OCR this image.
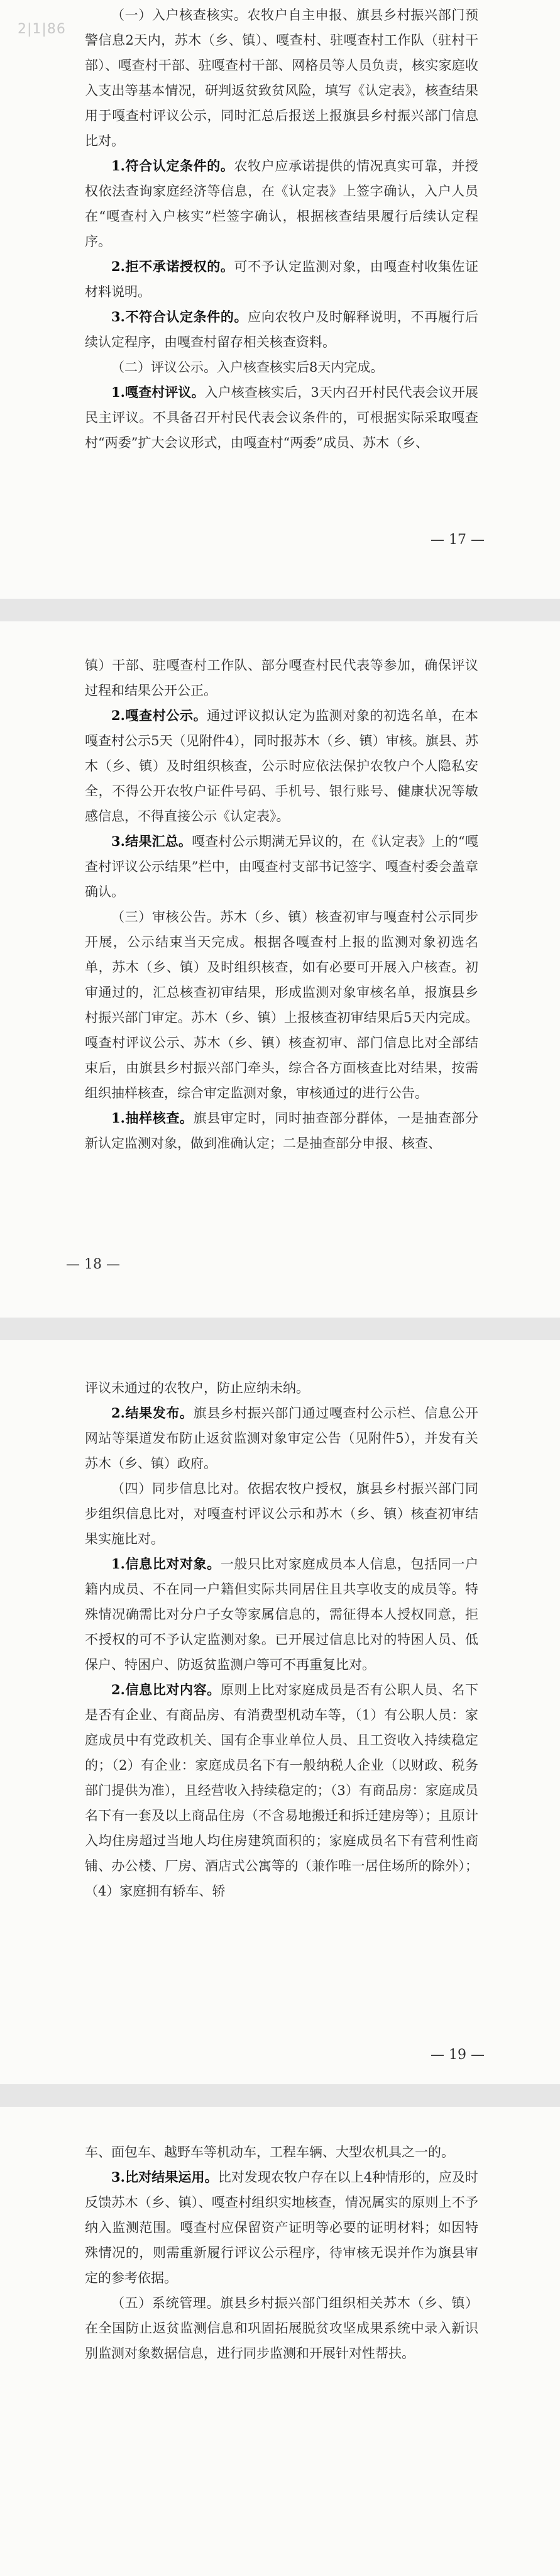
2|1|86

（一）入户核查核实。农牧户自主申报、旗县乡村振兴部门预警信息2天内，苏木（乡、镇）、嘎查村、驻嘎查村工作队（驻村干部）、嘎查村干部、驻嘎查村干部、网格员等人员负责，核实家庭收入支出等基本情况，研判返贫致贫风险，填写《认定表》，核查结果用于嘎查村评议公示，同时汇总后报送上报旗县乡村振兴部门信息比对。

1.符合认定条件的。农牧户应承诺提供的情况真实可靠，并授权依法查询家庭经济等信息，在《认定表》上签字确认，入户人员在“嘎查村入户核实”栏签字确认，根据核查结果履行后续认定程序。

2.拒不承诺授权的。可不予认定监测对象，由嘎查村收集佐证材料说明。

3.不符合认定条件的。应向农牧户及时解释说明，不再履行后续认定程序，由嘎查村留存相关核查资料。

（二）评议公示。入户核查核实后8天内完成。

1.嘎查村评议。入户核查核实后，3天内召开村民代表会议开展民主评议。不具备召开村民代表会议条件的，可根据实际采取嘎查村“两委”扩大会议形式，由嘎查村“两委”成员、苏木（乡、

— 17 —

镇）干部、驻嘎查村工作队、部分嘎查村民代表等参加，确保评议过程和结果公开公正。

2.嘎查村公示。通过评议拟认定为监测对象的初选名单，在本嘎查村公示5天（见附件4），同时报苏木（乡、镇）审核。旗县、苏木（乡、镇）及时组织核查，公示时应依法保护农牧户个人隐私安全，不得公开农牧户证件号码、手机号、银行账号、健康状况等敏感信息，不得直接公示《认定表》。

3.结果汇总。嘎查村公示期满无异议的，在《认定表》上的“嘎查村评议公示结果”栏中，由嘎查村支部书记签字、嘎查村委会盖章确认。

（三）审核公告。苏木（乡、镇）核查初审与嘎查村公示同步开展，公示结束当天完成。根据各嘎查村上报的监测对象初选名单，苏木（乡、镇）及时组织核查，如有必要可开展入户核查。初审通过的，汇总核查初审结果，形成监测对象审核名单，报旗县乡村振兴部门审定。苏木（乡、镇）上报核查初审结果后5天内完成。嘎查村评议公示、苏木（乡、镇）核查初审、部门信息比对全部结束后，由旗县乡村振兴部门牵头，综合各方面核查比对结果，按需组织抽样核查，综合审定监测对象，审核通过的进行公告。

1.抽样核查。旗县审定时，同时抽查部分群体，一是抽查部分新认定监测对象，做到准确认定；二是抽查部分申报、核查、

— 18 —

评议未通过的农牧户，防止应纳未纳。

2.结果发布。旗县乡村振兴部门通过嘎查村公示栏、信息公开网站等渠道发布防止返贫监测对象审定公告（见附件5），并发有关苏木（乡、镇）政府。

（四）同步信息比对。依据农牧户授权，旗县乡村振兴部门同步组织信息比对，对嘎查村评议公示和苏木（乡、镇）核查初审结果实施比对。

1.信息比对对象。一般只比对家庭成员本人信息，包括同一户籍内成员、不在同一户籍但实际共同居住且共享收支的成员等。特殊情况确需比对分户子女等家属信息的，需征得本人授权同意，拒不授权的可不予认定监测对象。已开展过信息比对的特困人员、低保户、特困户、防返贫监测户等可不再重复比对。

2.信息比对内容。原则上比对家庭成员是否有公职人员、名下是否有企业、有商品房、有消费型机动车等，（1）有公职人员：家庭成员中有党政机关、国有企事业单位人员、且工资收入持续稳定的；（2）有企业：家庭成员名下有一般纳税人企业（以财政、税务部门提供为准），且经营收入持续稳定的；（3）有商品房：家庭成员名下有一套及以上商品住房（不含易地搬迁和拆迁建房等）；且原计入均住房超过当地人均住房建筑面积的；家庭成员名下有营利性商铺、办公楼、厂房、酒店式公寓等的（兼作唯一居住场所的除外）；（4）家庭拥有轿车、轿

— 19 —

车、面包车、越野车等机动车，工程车辆、大型农机具之一的。

3.比对结果运用。比对发现农牧户存在以上4种情形的，应及时反馈苏木（乡、镇）、嘎查村组织实地核查，情况属实的原则上不予纳入监测范围。嘎查村应保留资产证明等必要的证明材料；如因特殊情况的，则需重新履行评议公示程序，待审核无误并作为旗县审定的参考依据。

（五）系统管理。旗县乡村振兴部门组织相关苏木（乡、镇）在全国防止返贫监测信息和巩固拓展脱贫攻坚成果系统中录入新识别监测对象数据信息，进行同步监测和开展针对性帮扶。
